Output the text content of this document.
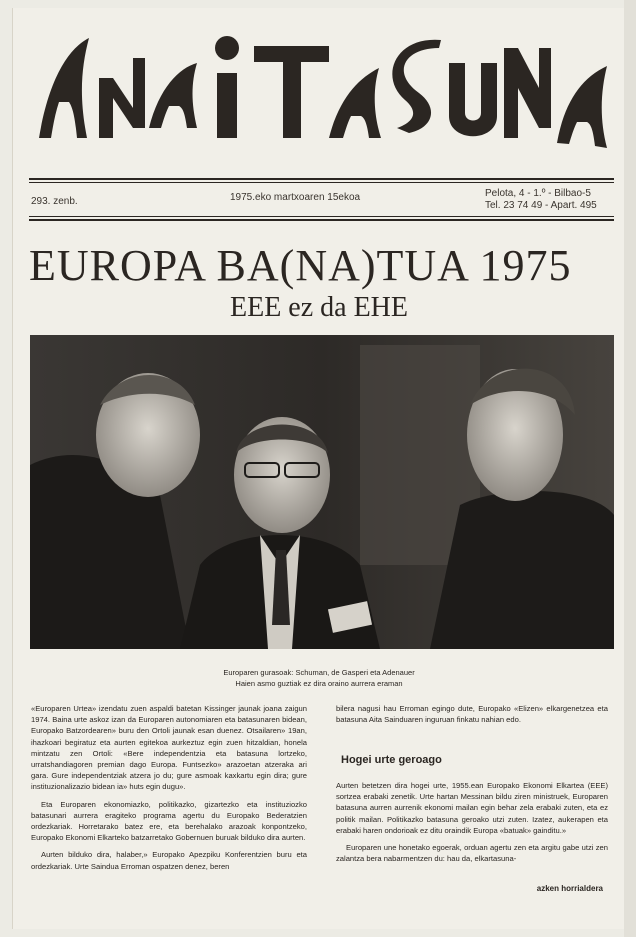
293. zenb.	1975.eko martxoaren 15ekoa	Pelota, 4 - 1.º - Bilbao-5
Tel. 23 74 49 - Apart. 495
EUROPA BA(NA)TUA 1975
EEE ez da EHE
Europaren gurasoak: Schuman, de Gasperi eta Adenauer
Haien asmo guztiak ez dira oraino aurrera eraman

«Europaren Urtea» izendatu zuen aspaldi batetan Kissinger jaunak joana zaigun 1974. Baina urte askoz izan da Europaren autonomiaren eta batasunaren bidean, Europako Batzordearen» buru den Ortoli jaunak esan duenez. Otsailaren» 19an, ihazkoari begiratuz eta aurten egitekoa aurkeztuz egin zuen hitzaldian, honela mintzatu zen Ortoli: «Bere independentzia eta batasuna lortzeko, urratshandiagoren premian dago Europa. Funtsezko» arazoetan atzeraka ari gara. Gure independentziak atzera jo du; gure asmoak kaxkartu egin dira; gure instituzionalizazio bidean ia» huts egin dugu».

Eta Europaren ekonomiazko, politikazko, gizartezko eta instituziozko batasunari aurrera eragiteko programa agertu du Europako Bederatzien ordezkariak. Horretarako batez ere, eta berehalako arazoak konpontzeko, Europako Ekonomi Elkarteko batzarretako Gobernuen buruak bilduko dira aurten.

Aurten bilduko dira, halaber,» Europako Apezpiku Konferentzien buru eta ordezkariak. Urte Saindua Erroman ospatzen denez, beren

bilera nagusi hau Erroman egingo dute, Europako «Elizen» elkargenetzea eta batasuna Aita Sainduaren inguruan finkatu nahian edo.

Hogei urte geroago

Aurten betetzen dira hogei urte, 1955.ean Europako Ekonomi Elkartea (EEE) sortzea erabaki zenetik. Urte hartan Messinan bildu ziren ministruek, Europaren batasuna aurren aurrenik ekonomi mailan egin behar zela erabaki zuten, eta ez politik mailan. Politikazko batasuna geroako utzi zuten. Izatez, aukerapen eta erabaki haren ondorioak ez ditu oraindik Europa «batuak» gainditu.»

Europaren une honetako egoerak, orduan agertu zen eta argitu gabe utzi zen zalantza bera nabarmentzen du: hau da, elkartasuna-

azken horrialdera
